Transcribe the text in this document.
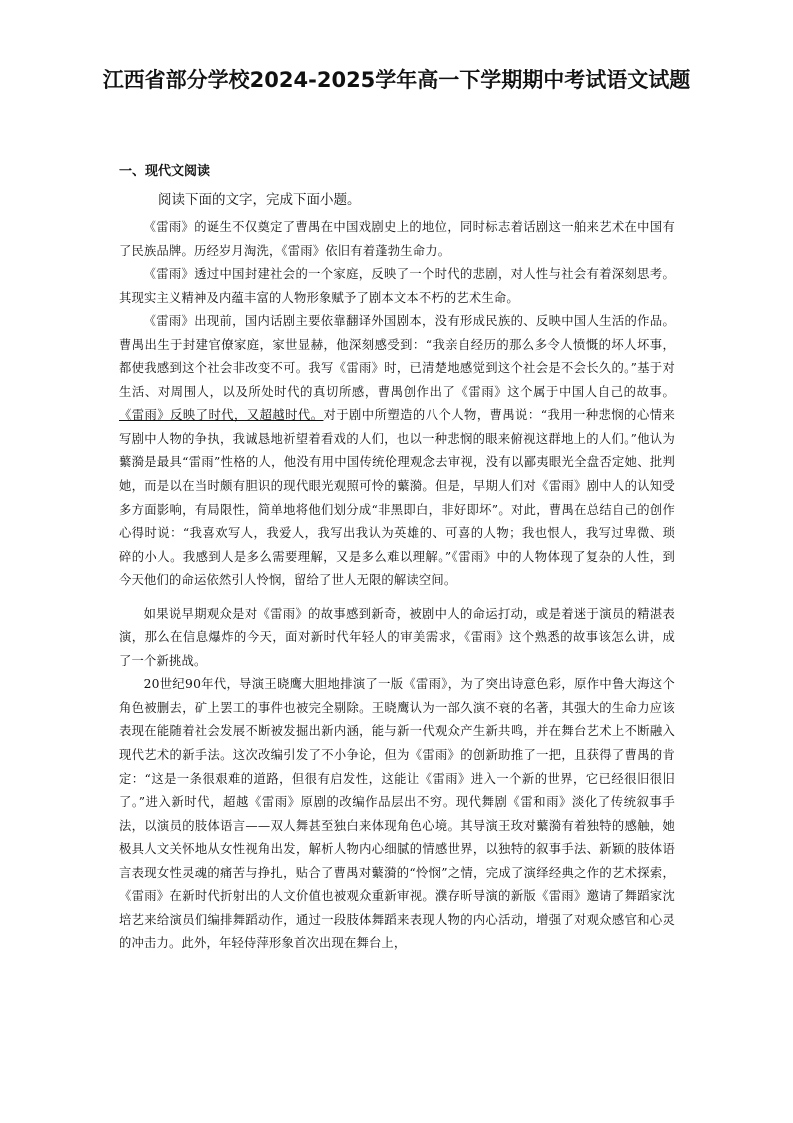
江西省部分学校2024-2025学年高一下学期期中考试语文试题
一、现代文阅读
阅读下面的文字，完成下面小题。

《雷雨》的诞生不仅奠定了曹禺在中国戏剧史上的地位，同时标志着话剧这一舶来艺术在中国有了民族品牌。历经岁月淘洗，《雷雨》依旧有着蓬勃生命力。

《雷雨》透过中国封建社会的一个家庭，反映了一个时代的悲剧，对人性与社会有着深刻思考。其现实主义精神及内蕴丰富的人物形象赋予了剧本文本不朽的艺术生命。

《雷雨》出现前，国内话剧主要依靠翻译外国剧本，没有形成民族的、反映中国人生活的作品。曹禺出生于封建官僚家庭，家世显赫，他深刻感受到：“我亲自经历的那么多令人愤慨的坏人坏事，都使我感到这个社会非改变不可。我写《雷雨》时，已清楚地感觉到这个社会是不会长久的。”基于对生活、对周围人，以及所处时代的真切所感，曹禺创作出了《雷雨》这个属于中国人自己的故事。《雷雨》反映了时代，又超越时代。对于剧中所塑造的八个人物，曹禺说：“我用一种悲悯的心情来写剧中人物的争执，我诚恳地祈望着看戏的人们，也以一种悲悯的眼来俯视这群地上的人们。”他认为蘩漪是最具“雷雨”性格的人，他没有用中国传统伦理观念去审视，没有以鄙夷眼光全盘否定她、批判她，而是以在当时颇有胆识的现代眼光观照可怜的蘩漪。但是，早期人们对《雷雨》剧中人的认知受多方面影响，有局限性，简单地将他们划分成“非黑即白，非好即坏”。对此，曹禺在总结自己的创作心得时说：“我喜欢写人，我爱人，我写出我认为英雄的、可喜的人物；我也恨人，我写过卑微、琐碎的小人。我感到人是多么需要理解，又是多么难以理解。”《雷雨》中的人物体现了复杂的人性，到今天他们的命运依然引人怜悯，留给了世人无限的解读空间。

如果说早期观众是对《雷雨》的故事感到新奇，被剧中人的命运打动，或是着迷于演员的精湛表演，那么在信息爆炸的今天，面对新时代年轻人的审美需求，《雷雨》这个熟悉的故事该怎么讲，成了一个新挑战。

20世纪90年代，导演王晓鹰大胆地排演了一版《雷雨》，为了突出诗意色彩，原作中鲁大海这个角色被删去，矿上罢工的事件也被完全剔除。王晓鹰认为一部久演不衰的名著，其强大的生命力应该表现在能随着社会发展不断被发掘出新内涵，能与新一代观众产生新共鸣，并在舞台艺术上不断融入现代艺术的新手法。这次改编引发了不小争论，但为《雷雨》的创新助推了一把，且获得了曹禺的肯定：“这是一条很艰难的道路，但很有启发性，这能让《雷雨》进入一个新的世界，它已经很旧很旧了。”进入新时代，超越《雷雨》原剧的改编作品层出不穷。现代舞剧《雷和雨》淡化了传统叙事手法，以演员的肢体语言——双人舞甚至独白来体现角色心境。其导演王玫对蘩漪有着独特的感触，她极具人文关怀地从女性视角出发，解析人物内心细腻的情感世界，以独特的叙事手法、新颖的肢体语言表现女性灵魂的痛苦与挣扎，贴合了曹禺对蘩漪的“怜悯”之情，完成了演绎经典之作的艺术探索，《雷雨》在新时代折射出的人文价值也被观众重新审视。濮存昕导演的新版《雷雨》邀请了舞蹈家沈培艺来给演员们编排舞蹈动作，通过一段肢体舞蹈来表现人物的内心活动，增强了对观众感官和心灵的冲击力。此外，年轻侍萍形象首次出现在舞台上，
